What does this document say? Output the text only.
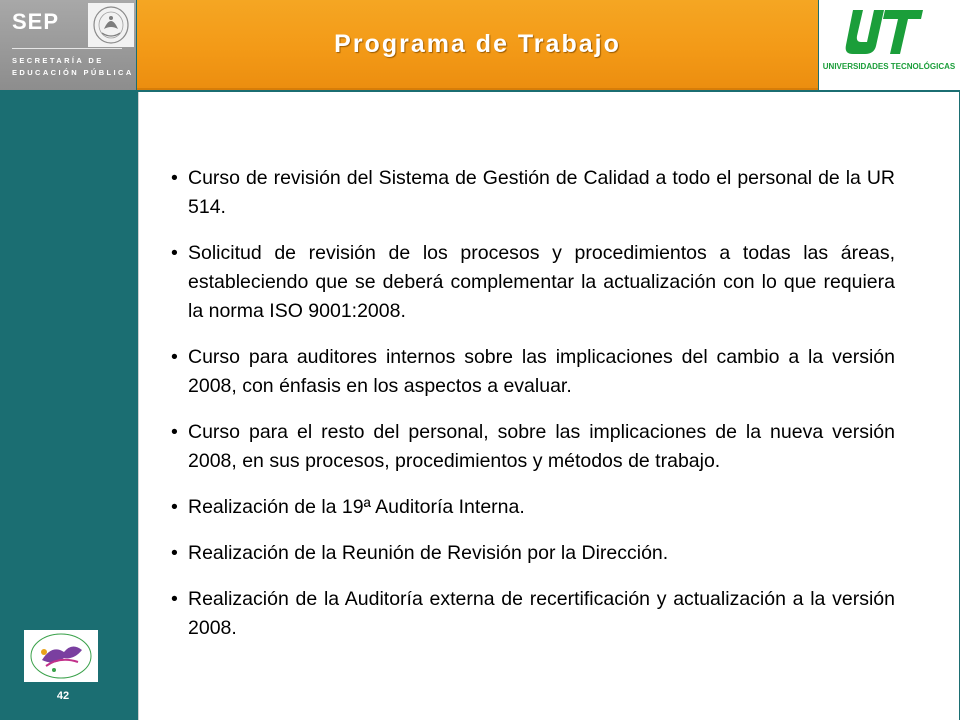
SEP
SECRETARÍA DE
EDUCACIÓN PÚBLICA
Programa de Trabajo
UNIVERSIDADES TECNOLÓGICAS
42
• Curso de revisión del Sistema de Gestión de Calidad a todo el personal de la UR 514.
• Solicitud de revisión de los procesos y procedimientos a todas las áreas, estableciendo que se deberá complementar la actualización con lo que requiera la norma ISO 9001:2008.
• Curso para auditores internos sobre las implicaciones del cambio a la versión 2008, con énfasis en los aspectos a evaluar.
• Curso para el resto del personal, sobre las implicaciones de la nueva versión 2008, en sus procesos, procedimientos y métodos de trabajo.
• Realización de la 19ª Auditoría Interna.
• Realización de la Reunión de Revisión por la Dirección.
• Realización de la Auditoría externa de recertificación y actualización a la versión 2008.
